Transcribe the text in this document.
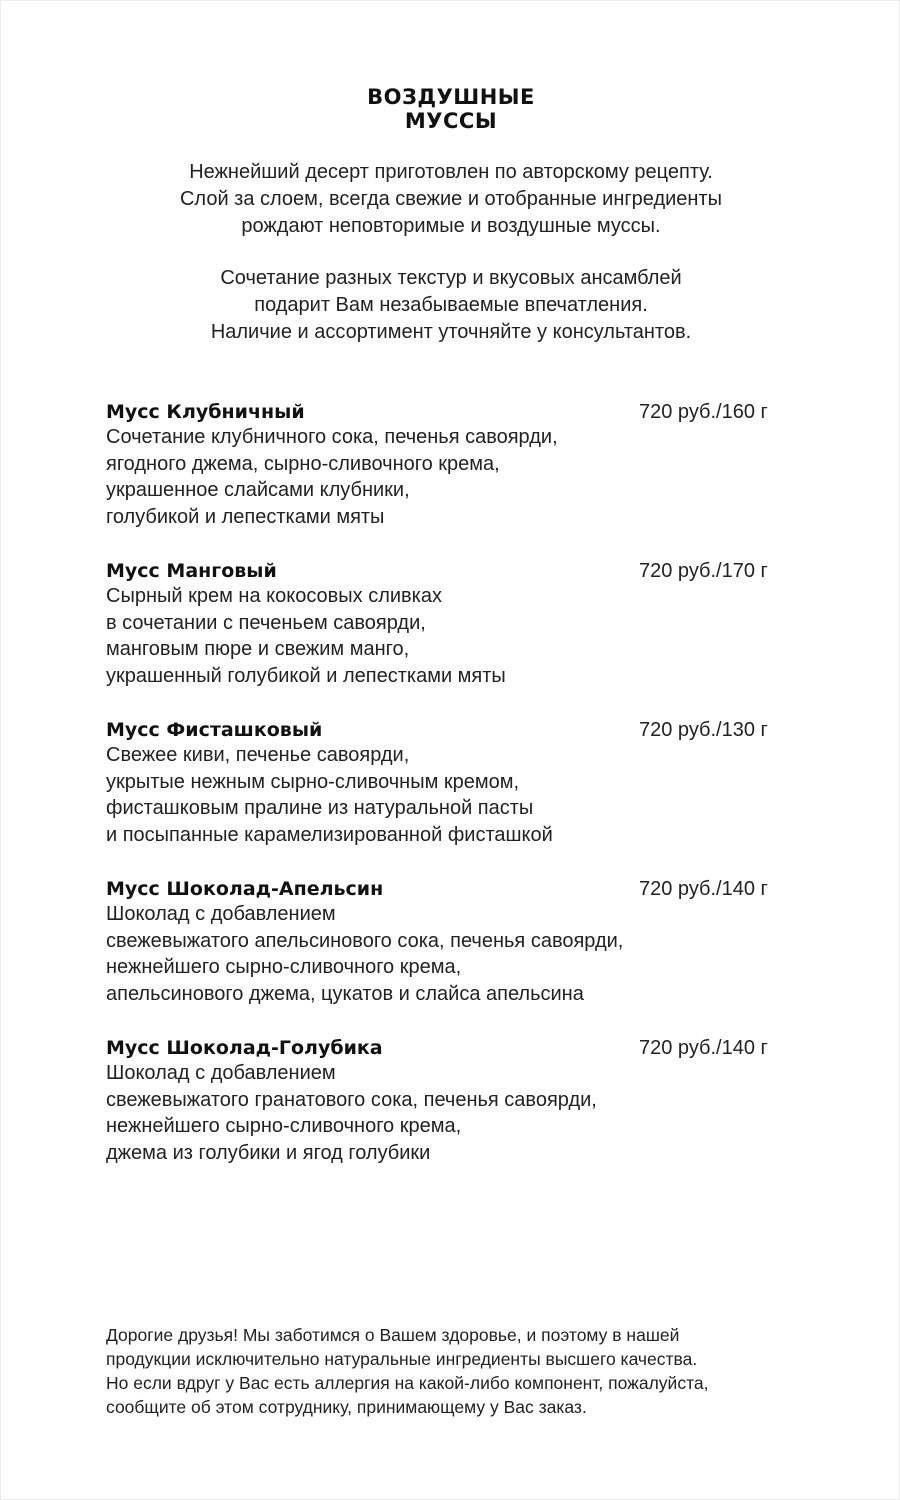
ВОЗДУШНЫЕ
МУССЫ
Нежнейший десерт приготовлен по авторскому рецепту.
Слой за слоем, всегда свежие и отобранные ингредиенты
рождают неповторимые и воздушные муссы.
Сочетание разных текстур и вкусовых ансамблей
подарит Вам незабываемые впечатления.
Наличие и ассортимент уточняйте у консультантов.
Мусс Клубничный	720 руб./160 г
Сочетание клубничного сока, печенья савоярди,
ягодного джема, сырно-сливочного крема,
украшенное слайсами клубники,
голубикой и лепестками мяты
Мусс Манговый	720 руб./170 г
Сырный крем на кокосовых сливках
в сочетании с печеньем савоярди,
манговым пюре и свежим манго,
украшенный голубикой и лепестками мяты
Мусс Фисташковый	720 руб./130 г
Свежее киви, печенье савоярди,
укрытые нежным сырно-сливочным кремом,
фисташковым пралине из натуральной пасты
и посыпанные карамелизированной фисташкой
Мусс Шоколад-Апельсин	720 руб./140 г
Шоколад с добавлением
свежевыжатого апельсинового сока, печенья савоярди,
нежнейшего сырно-сливочного крема,
апельсинового джема, цукатов и слайса апельсина
Мусс Шоколад-Голубика	720 руб./140 г
Шоколад с добавлением
свежевыжатого гранатового сока, печенья савоярди,
нежнейшего сырно-сливочного крема,
джема из голубики и ягод голубики
Дорогие друзья! Мы заботимся о Вашем здоровье, и поэтому в нашей
продукции исключительно натуральные ингредиенты высшего качества.
Но если вдруг у Вас есть аллергия на какой-либо компонент, пожалуйста,
сообщите об этом сотруднику, принимающему у Вас заказ.
